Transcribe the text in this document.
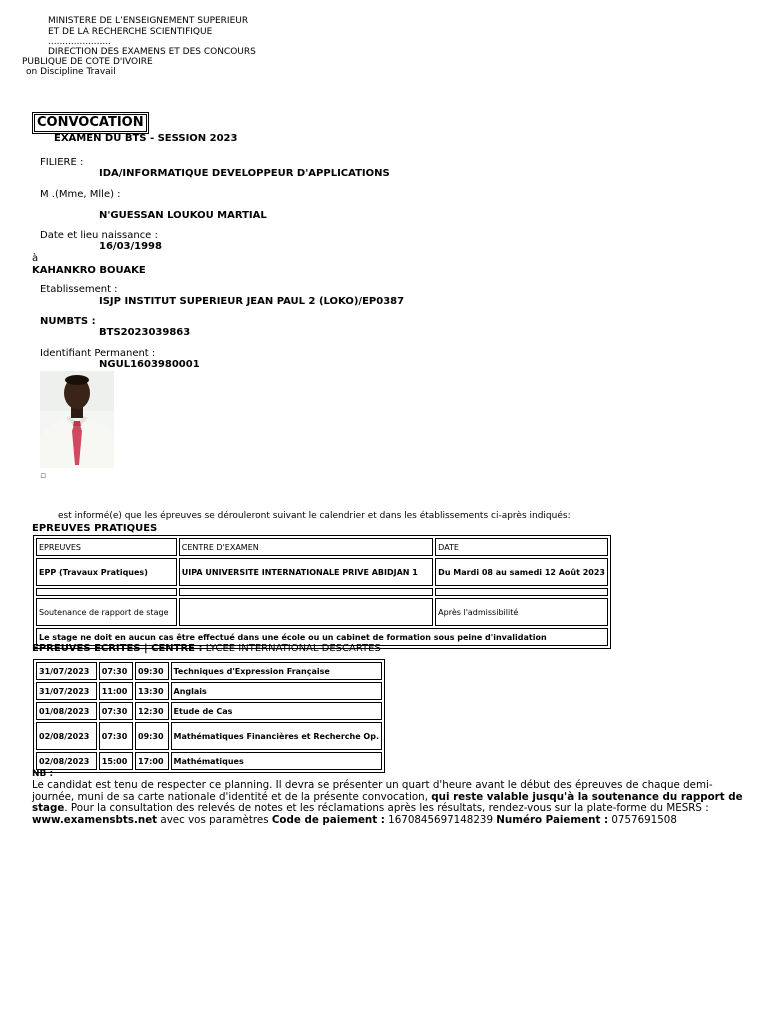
MINISTERE DE L’ENSEIGNEMENT SUPERIEUR
ET DE LA RECHERCHE SCIENTIFIQUE
......................
DIRECTION DES EXAMENS ET DES CONCOURS
PUBLIQUE DE COTE D'IVOIRE
on Discipline Travail
CONVOCATION
EXAMEN DU BTS - SESSION 2023
FILIERE :
IDA/INFORMATIQUE DEVELOPPEUR D'APPLICATIONS
M .(Mme, Mlle) :
N'GUESSAN LOUKOU MARTIAL
Date et lieu naissance :
16/03/1998
à
KAHANKRO BOUAKE
Etablissement :
ISJP INSTITUT SUPERIEUR JEAN PAUL 2 (LOKO)/EP0387
NUMBTS :
BTS2023039863
Identifiant Permanent :
NGUL1603980001
▫
est informé(e) que les épreuves se dérouleront suivant le calendrier et dans les établissements ci-après indiqués:
EPREUVES PRATIQUES
EPREUVES	CENTRE D'EXAMEN	DATE
EPP (Travaux Pratiques)	UIPA UNIVERSITE INTERNATIONALE PRIVE ABIDJAN 1	Du Mardi 08 au samedi 12 Août 2023

Soutenance de rapport de stage		Après l'admissibilité
Le stage ne doit en aucun cas être effectué dans une école ou un cabinet de formation sous peine d'invalidation		
EPREUVES ECRITES | CENTRE : LYCEE INTERNATIONAL DESCARTES
31/07/2023	07:30	09:30	Techniques d'Expression Française
31/07/2023	11:00	13:30	Anglais
01/08/2023	07:30	12:30	Etude de Cas
02/08/2023	07:30	09:30	Mathématiques Financières et Recherche Op.
02/08/2023	15:00	17:00	Mathématiques
NB :
Le candidat est tenu de respecter ce planning. Il devra se présenter un quart d'heure avant le début des épreuves de chaque demi-journée, muni de sa carte nationale d'identité et de la présente convocation, qui reste valable jusqu'à la soutenance du rapport de stage. Pour la consultation des relevés de notes et les réclamations après les résultats, rendez-vous sur la plate-forme du MESRS : www.examensbts.net avec vos paramètres Code de paiement : 1670845697148239 Numéro Paiement : 0757691508
